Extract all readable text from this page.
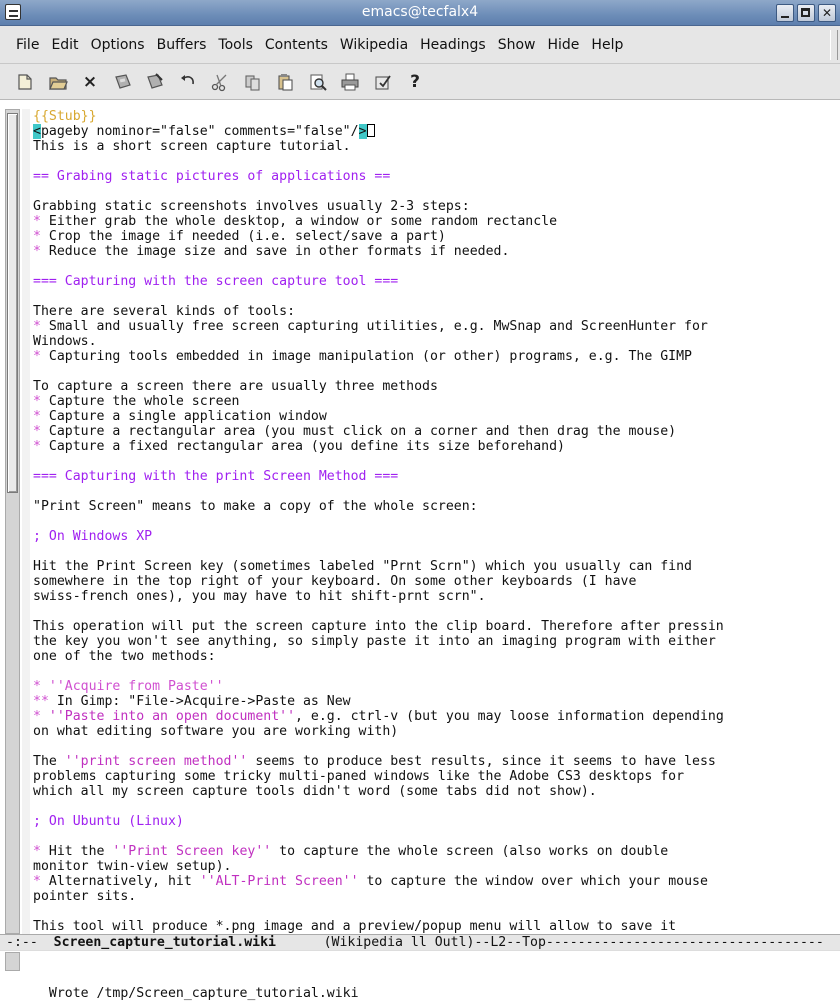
emacs@tecfalx4	✕
File Edit Options Buffers Tools Contents Wikipedia Headings Show Hide Help
×	?
{{Stub}}
<pageby nominor="false" comments="false"/>
This is a short screen capture tutorial.
== Grabing static pictures of applications ==
Grabbing static screenshots involves usually 2-3 steps:
* Either grab the whole desktop, a window or some random rectancle
* Crop the image if needed (i.e. select/save a part)
* Reduce the image size and save in other formats if needed.
=== Capturing with the screen capture tool ===
There are several kinds of tools:
* Small and usually free screen capturing utilities, e.g. MwSnap and ScreenHunter for
Windows.
* Capturing tools embedded in image manipulation (or other) programs, e.g. The GIMP
To capture a screen there are usually three methods
* Capture the whole screen
* Capture a single application window
* Capture a rectangular area (you must click on a corner and then drag the mouse)
* Capture a fixed rectangular area (you define its size beforehand)
=== Capturing with the print Screen Method ===
"Print Screen" means to make a copy of the whole screen:
; On Windows XP
Hit the Print Screen key (sometimes labeled "Prnt Scrn") which you usually can find
somewhere in the top right of your keyboard. On some other keyboards (I have
swiss-french ones), you may have to hit shift-prnt scrn".
This operation will put the screen capture into the clip board. Therefore after pressin
the key you won't see anything, so simply paste it into an imaging program with either
one of the two methods:
* ''Acquire from Paste''
** In Gimp: "File->Acquire->Paste as New
* ''Paste into an open document'', e.g. ctrl-v (but you may loose information depending
on what editing software you are working with)
The ''print screen method'' seems to produce best results, since it seems to have less
problems capturing some tricky multi-paned windows like the Adobe CS3 desktops for
which all my screen capture tools didn't word (some tabs did not show).
; On Ubuntu (Linux)
* Hit the ''Print Screen key'' to capture the whole screen (also works on double
monitor twin-view setup).
* Alternatively, hit ''ALT-Print Screen'' to capture the window over which your mouse
pointer sits.
This tool will produce *.png image and a preview/popup menu will allow to save it
-:--  Screen_capture_tutorial.wiki      (Wikipedia ll Outl)--L2--Top-----------------------------------

Wrote /tmp/Screen_capture_tutorial.wiki
